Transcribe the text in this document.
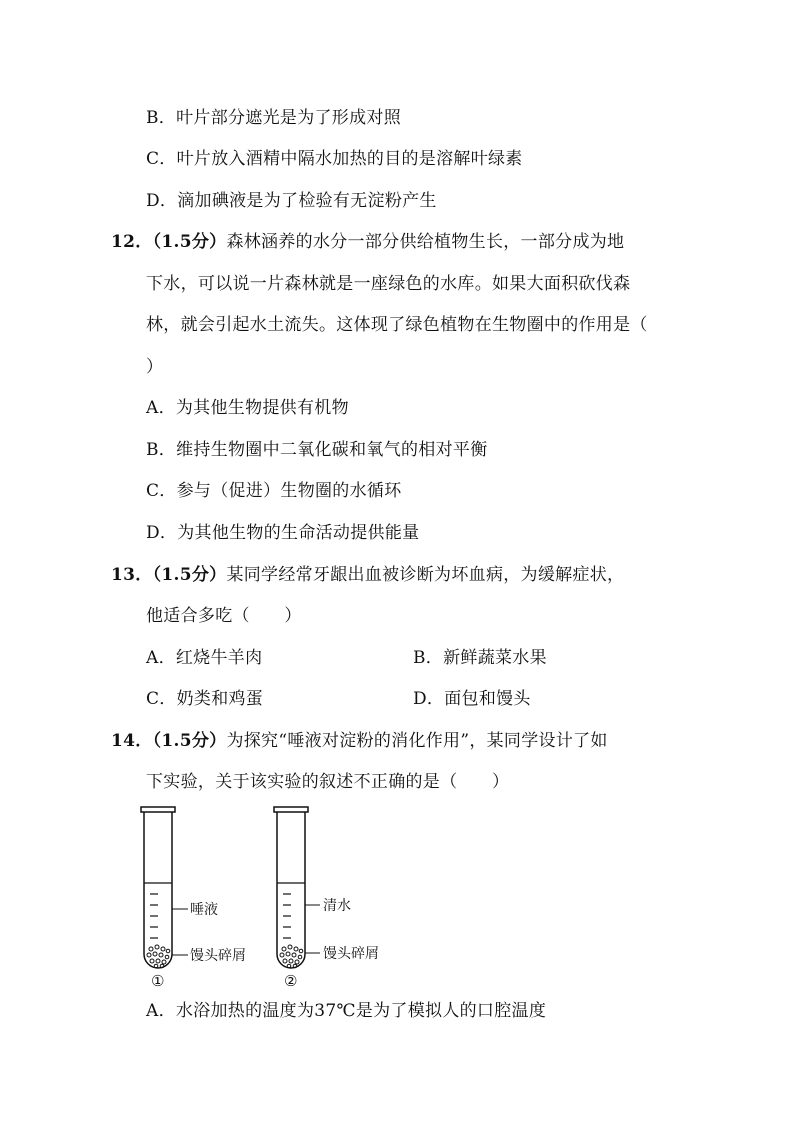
B．叶片部分遮光是为了形成对照
C．叶片放入酒精中隔水加热的目的是溶解叶绿素
D．滴加碘液是为了检验有无淀粉产生
12．（1.5分）森林涵养的水分一部分供给植物生长，一部分成为地
下水，可以说一片森林就是一座绿色的水库。如果大面积砍伐森
林，就会引起水土流失。这体现了绿色植物在生物圈中的作用是（
）
A．为其他生物提供有机物
B．维持生物圈中二氧化碳和氧气的相对平衡
C．参与（促进）生物圈的水循环
D．为其他生物的生命活动提供能量
13．（1.5分）某同学经常牙龈出血被诊断为坏血病，为缓解症状，
他适合多吃（　　）
A．红烧牛羊肉	B．新鲜蔬菜水果
C．奶类和鸡蛋	D．面包和馒头
14．（1.5分）为探究“唾液对淀粉的消化作用”，某同学设计了如
下实验，关于该实验的叙述不正确的是（　　）
唾液
馒头碎屑
①
清水
馒头碎屑
②
A．水浴加热的温度为37℃是为了模拟人的口腔温度
